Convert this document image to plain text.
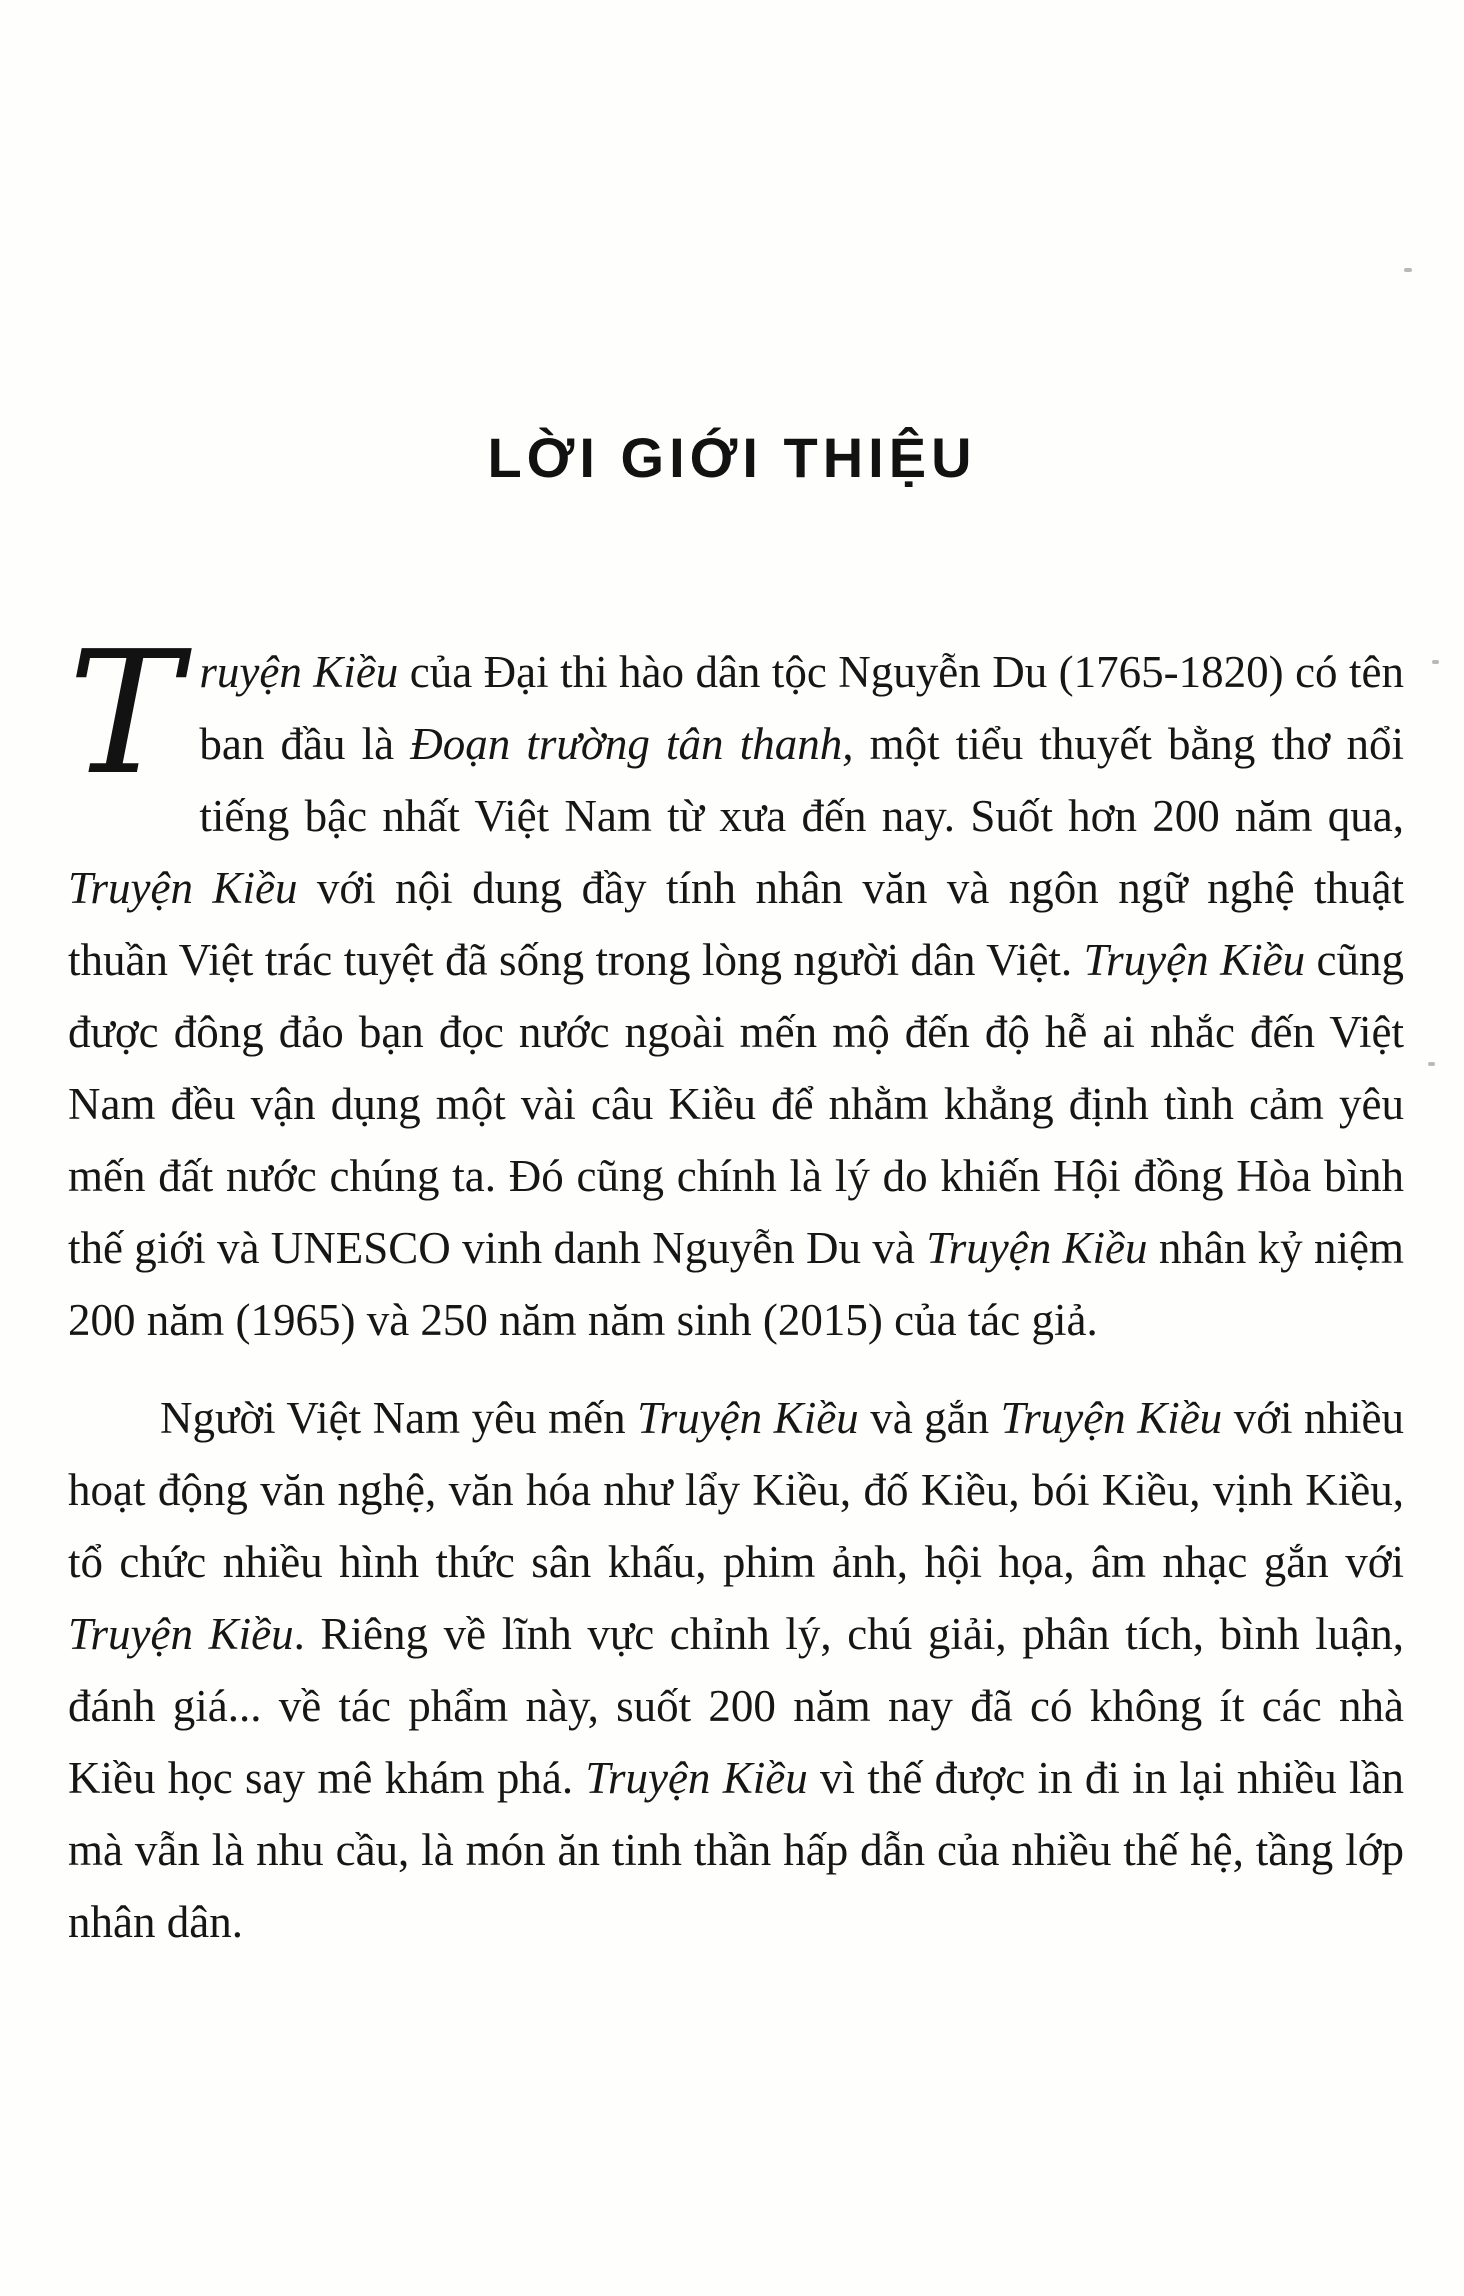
LỜI GIỚI THIỆU

Truyện Kiều của Đại thi hào dân tộc Nguyễn Du (1765-1820) có tên ban đầu là Đoạn trường tân thanh, một tiểu thuyết bằng thơ nổi tiếng bậc nhất Việt Nam từ xưa đến nay. Suốt hơn 200 năm qua, Truyện Kiều với nội dung đầy tính nhân văn và ngôn ngữ nghệ thuật thuần Việt trác tuyệt đã sống trong lòng người dân Việt. Truyện Kiều cũng được đông đảo bạn đọc nước ngoài mến mộ đến độ hễ ai nhắc đến Việt Nam đều vận dụng một vài câu Kiều để nhằm khẳng định tình cảm yêu mến đất nước chúng ta. Đó cũng chính là lý do khiến Hội đồng Hòa bình thế giới và UNESCO vinh danh Nguyễn Du và Truyện Kiều nhân kỷ niệm 200 năm (1965) và 250 năm năm sinh (2015) của tác giả.

Người Việt Nam yêu mến Truyện Kiều và gắn Truyện Kiều với nhiều hoạt động văn nghệ, văn hóa như lẩy Kiều, đố Kiều, bói Kiều, vịnh Kiều, tổ chức nhiều hình thức sân khấu, phim ảnh, hội họa, âm nhạc gắn với Truyện Kiều. Riêng về lĩnh vực chỉnh lý, chú giải, phân tích, bình luận, đánh giá... về tác phẩm này, suốt 200 năm nay đã có không ít các nhà Kiều học say mê khám phá. Truyện Kiều vì thế được in đi in lại nhiều lần mà vẫn là nhu cầu, là món ăn tinh thần hấp dẫn của nhiều thế hệ, tầng lớp nhân dân.
